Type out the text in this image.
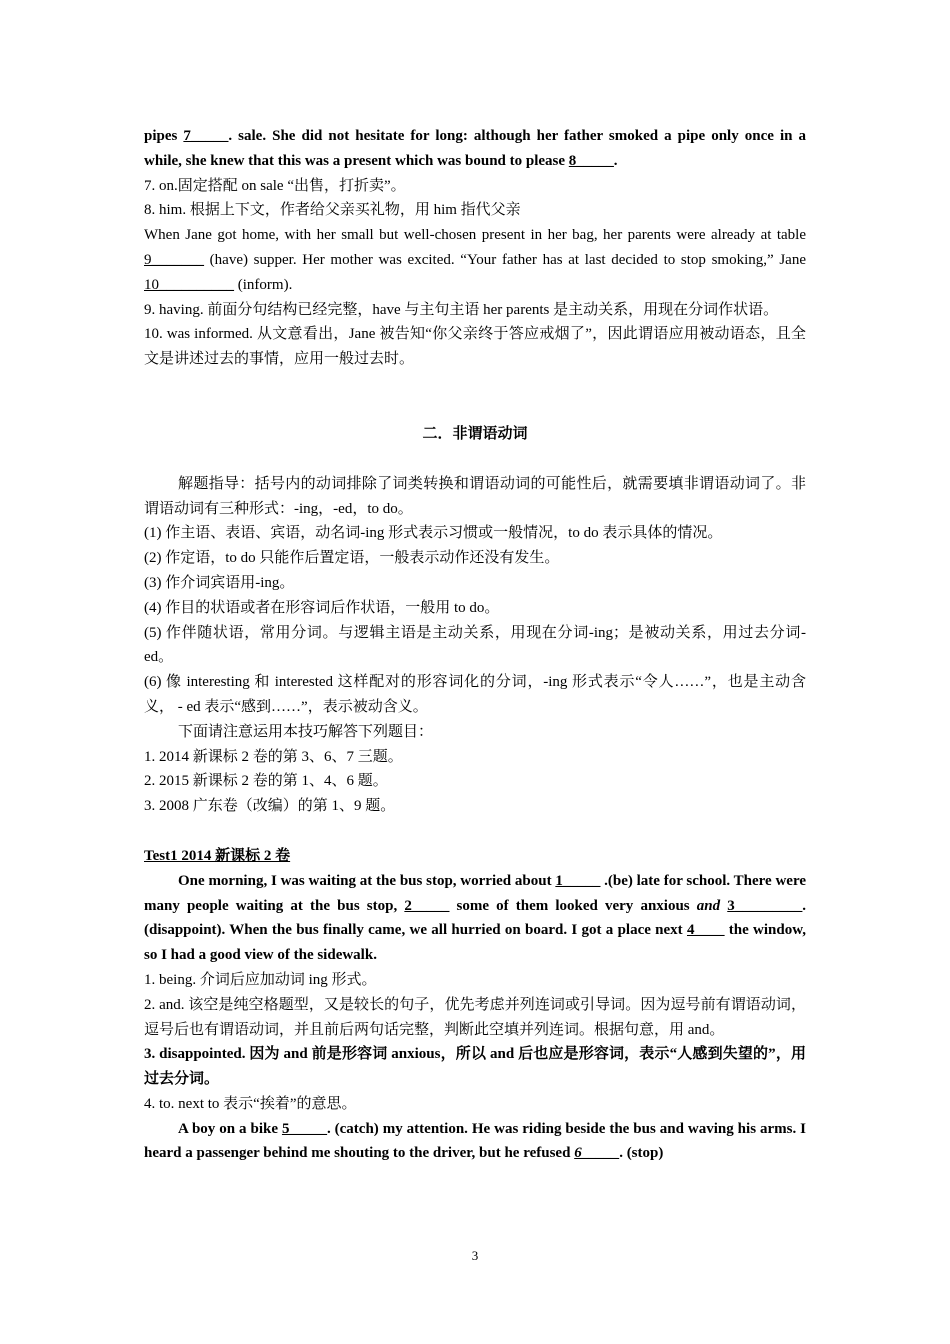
pipes 7_____. sale. She did not hesitate for long: although her father smoked a pipe only once in a while, she knew that this was a present which was bound to please 8_____.

7. on.固定搭配 on sale “出售，打折卖”。

8. him. 根据上下文，作者给父亲买礼物，用 him 指代父亲

When Jane got home, with her small but well-chosen present in her bag, her parents were already at table 9_______ (have) supper. Her mother was excited. “Your father has at last decided to stop smoking,” Jane 10__________ (inform).

9. having. 前面分句结构已经完整，have 与主句主语 her parents 是主动关系，用现在分词作状语。

10. was informed. 从文意看出，Jane 被告知“你父亲终于答应戒烟了”，因此谓语应用被动语态，且全文是讲述过去的事情，应用一般过去时。

二．非谓语动词

解题指导：括号内的动词排除了词类转换和谓语动词的可能性后，就需要填非谓语动词了。非谓语动词有三种形式：-ing，-ed，to do。

(1) 作主语、表语、宾语，动名词-ing 形式表示习惯或一般情况，to do 表示具体的情况。

(2) 作定语，to do 只能作后置定语，一般表示动作还没有发生。

(3) 作介词宾语用-ing。

(4) 作目的状语或者在形容词后作状语，一般用 to do。

(5) 作伴随状语，常用分词。与逻辑主语是主动关系，用现在分词-ing；是被动关系，用过去分词-ed。

(6) 像 interesting 和 interested 这样配对的形容词化的分词，-ing 形式表示“令人……”，也是主动含义， - ed 表示“感到……”，表示被动含义。

下面请注意运用本技巧解答下列题目：

1. 2014 新课标 2 卷的第 3、6、7 三题。

2. 2015 新课标 2 卷的第 1、4、6 题。

3. 2008 广东卷（改编）的第 1、9 题。

Test1 2014 新课标 2 卷

One morning, I was waiting at the bus stop, worried about 1_____ .(be) late for school. There were many people waiting at the bus stop, 2_____ some of them looked very anxious and 3_________. (disappoint). When the bus finally came, we all hurried on board. I got a place next 4____ the window, so I had a good view of the sidewalk.

1. being. 介词后应加动词 ing 形式。

2. and. 该空是纯空格题型，又是较长的句子，优先考虑并列连词或引导词。因为逗号前有谓语动词，逗号后也有谓语动词，并且前后两句话完整，判断此空填并列连词。根据句意，用 and。

3. disappointed. 因为 and 前是形容词 anxious，所以 and 后也应是形容词，表示“人感到失望的”，用过去分词。

4. to. next to 表示“挨着”的意思。

A boy on a bike 5_____. (catch) my attention. He was riding beside the bus and waving his arms. I heard a passenger behind me shouting to the driver, but he refused 6_____. (stop)

3
